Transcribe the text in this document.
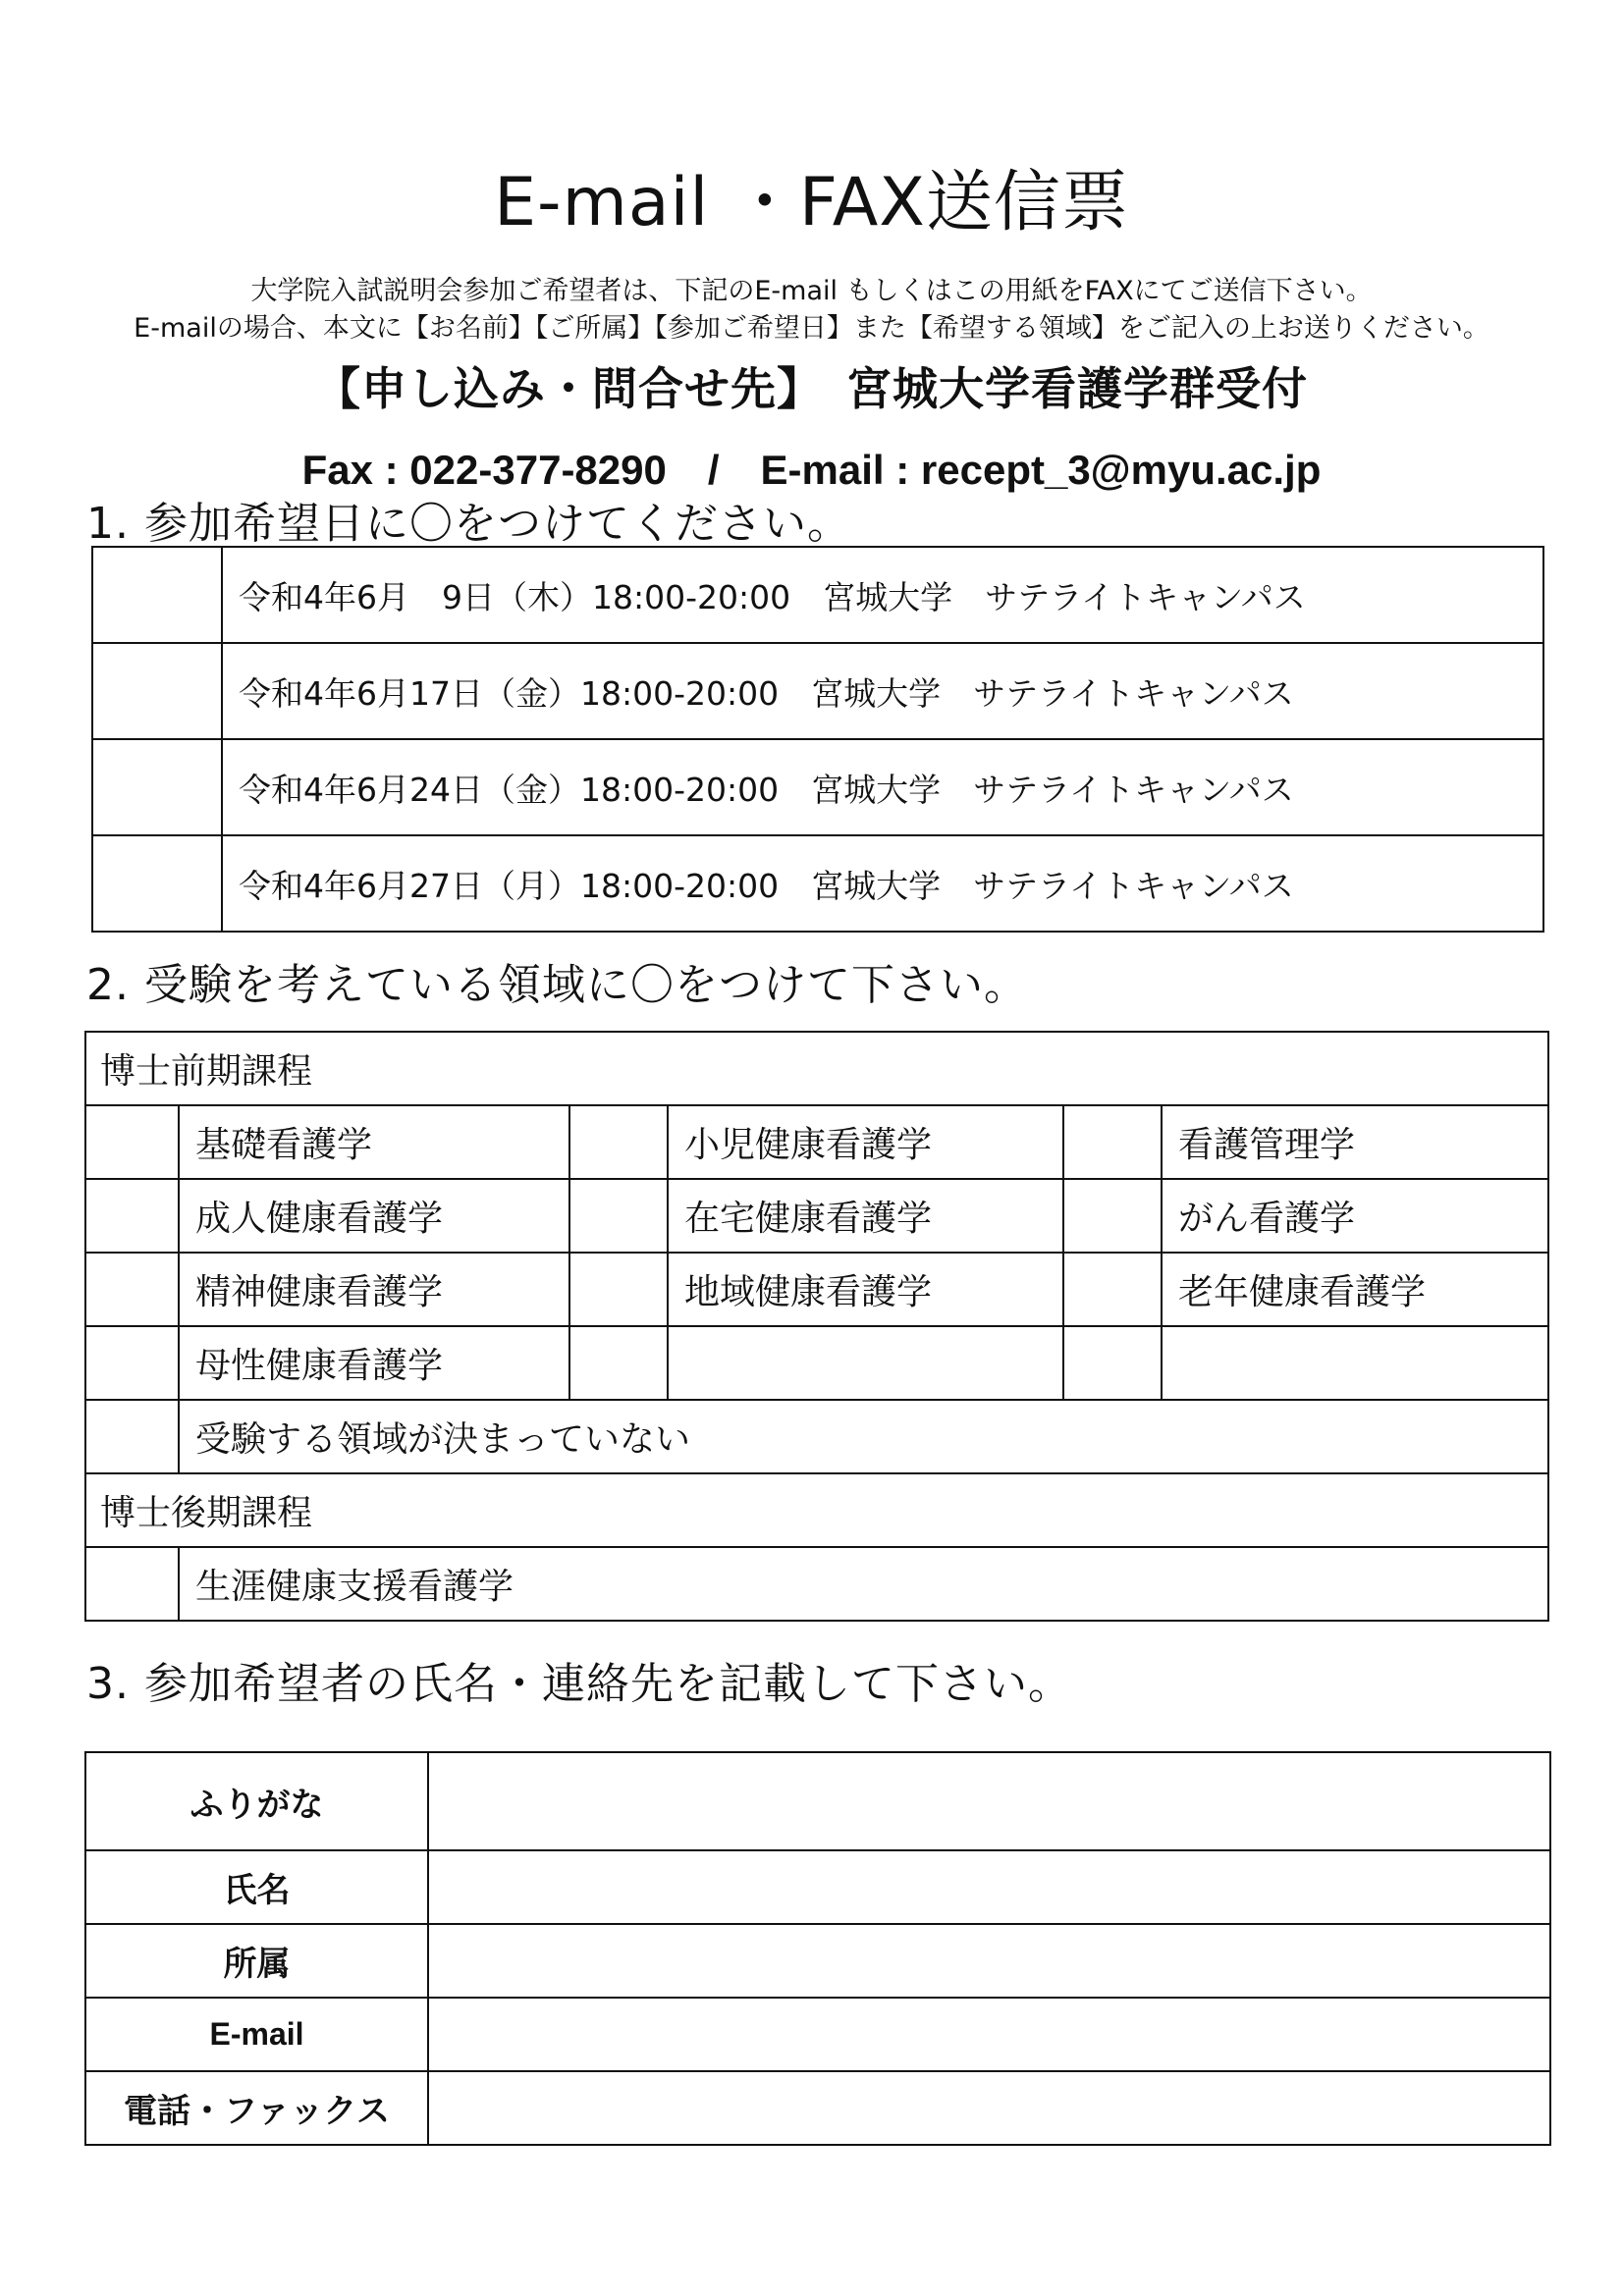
E-mail ・FAX送信票
大学院入試説明会参加ご希望者は、下記のE-mail もしくはこの用紙をFAXにてご送信下さい。
E-mailの場合、本文に【お名前】【ご所属】【参加ご希望日】また【希望する領域】をご記入の上お送りください。
【申し込み・問合せ先】　宮城大学看護学群受付
Fax : 022-377-8290　/　E-mail : recept_3@myu.ac.jp
1. 参加希望日に〇をつけてください。
	令和4年6月　9日（木）18:00-20:00　宮城大学　サテライトキャンパス
	令和4年6月17日（金）18:00-20:00　宮城大学　サテライトキャンパス
	令和4年6月24日（金）18:00-20:00　宮城大学　サテライトキャンパス
	令和4年6月27日（月）18:00-20:00　宮城大学　サテライトキャンパス
2. 受験を考えている領域に〇をつけて下さい。
博士前期課程					
	基礎看護学		小児健康看護学		看護管理学
	成人健康看護学		在宅健康看護学		がん看護学
	精神健康看護学		地域健康看護学		老年健康看護学
	母性健康看護学				
	受験する領域が決まっていない				
博士後期課程					
	生涯健康支援看護学				
3. 参加希望者の氏名・連絡先を記載して下さい。
ふりがな	
氏名	
所属	
E-mail	
電話・ファックス	
